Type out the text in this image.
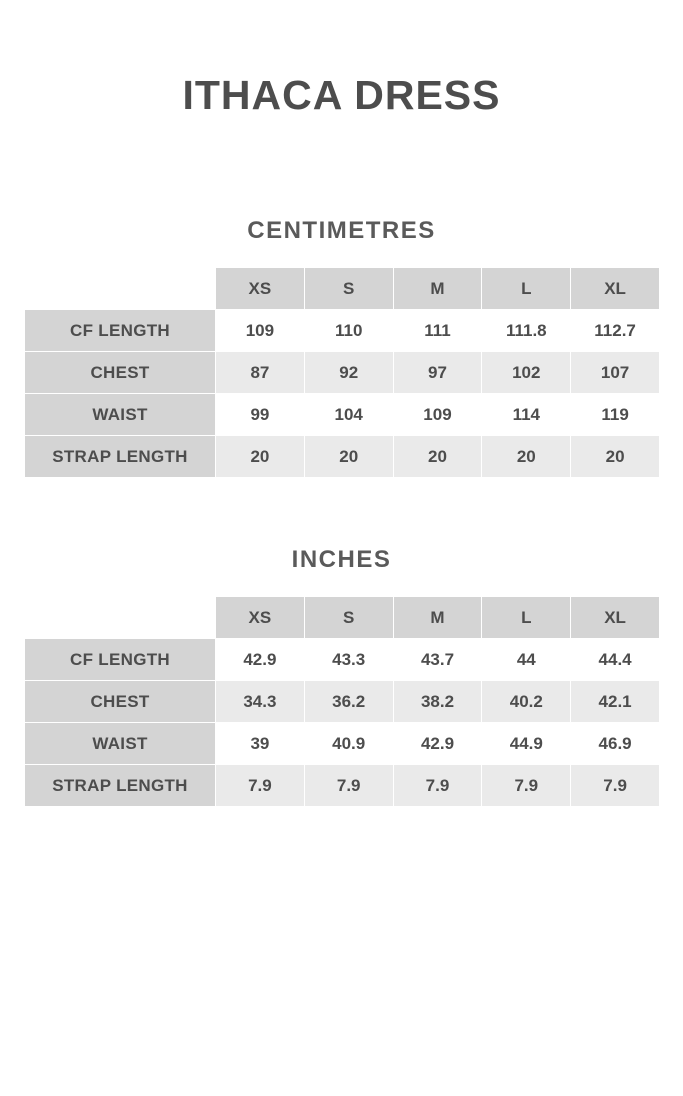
ITHACA DRESS
CENTIMETRES
	XS	S	M	L	XL
CF LENGTH	109	110	111	111.8	112.7
CHEST	87	92	97	102	107
WAIST	99	104	109	114	119
STRAP LENGTH	20	20	20	20	20
INCHES
	XS	S	M	L	XL
CF LENGTH	42.9	43.3	43.7	44	44.4
CHEST	34.3	36.2	38.2	40.2	42.1
WAIST	39	40.9	42.9	44.9	46.9
STRAP LENGTH	7.9	7.9	7.9	7.9	7.9
